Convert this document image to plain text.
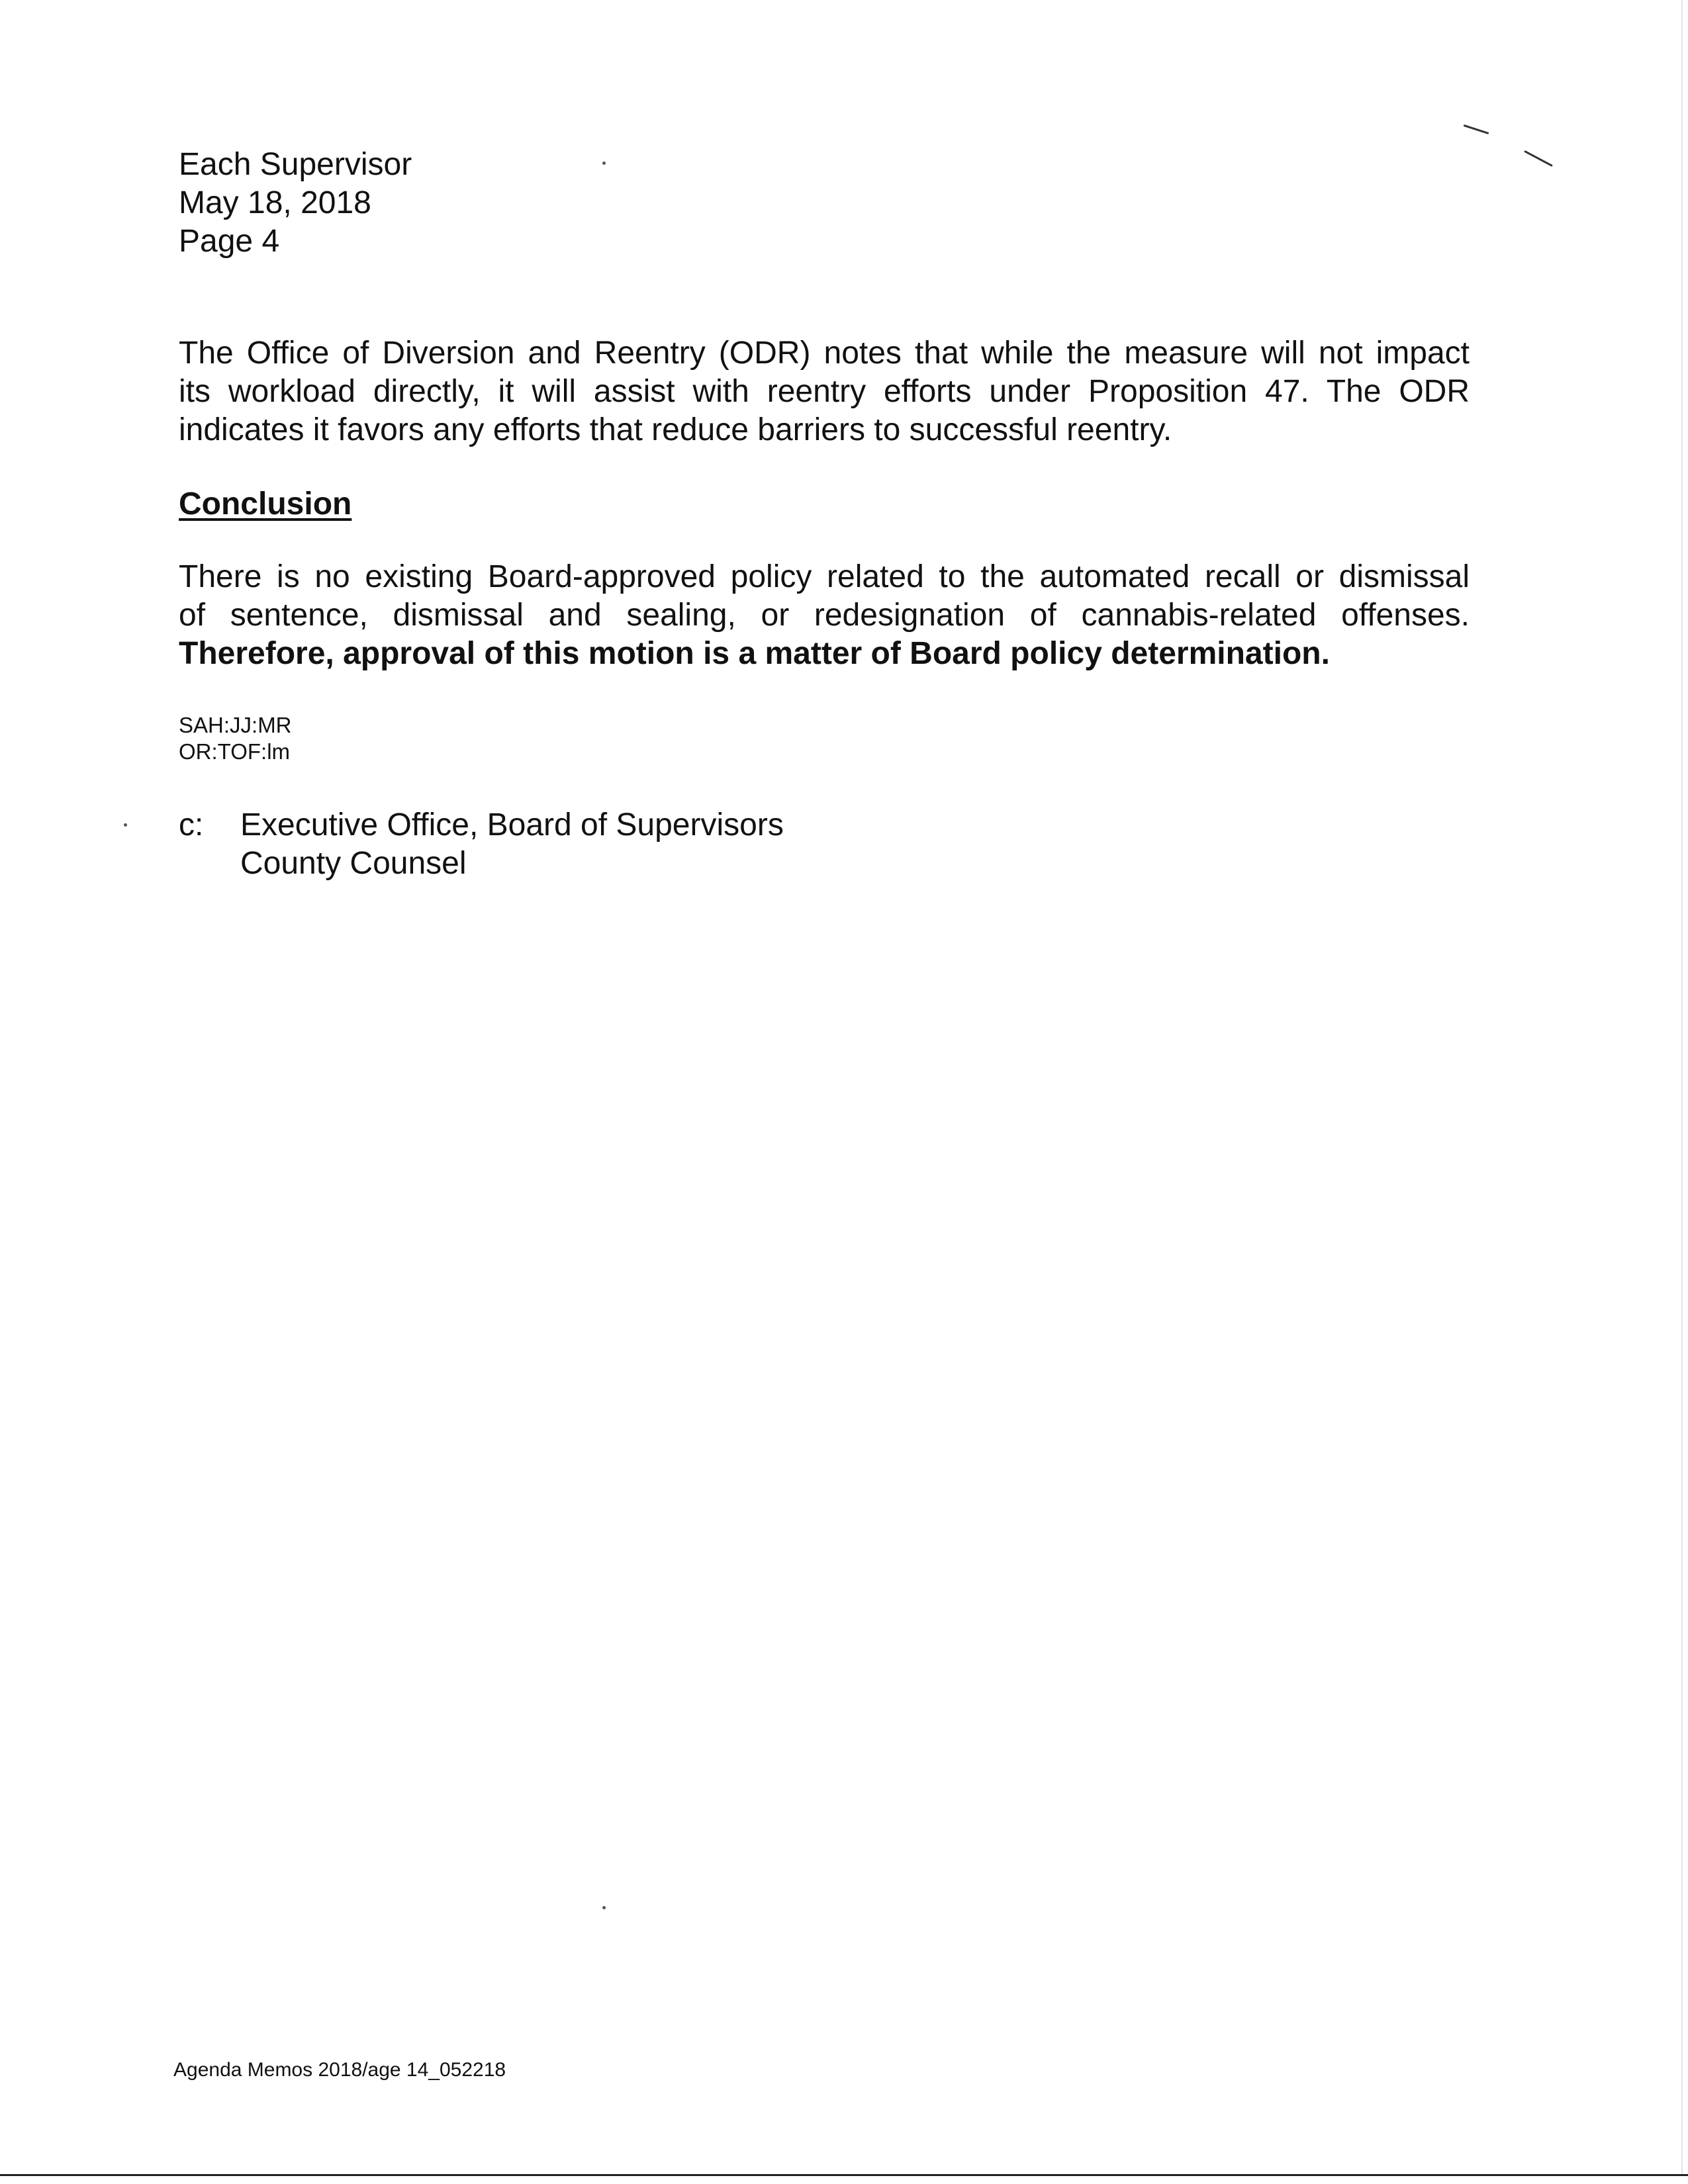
Each Supervisor
May 18, 2018
Page 4
The Office of Diversion and Reentry (ODR) notes that while the measure will not impact
its workload directly, it will assist with reentry efforts under Proposition 47. The ODR
indicates it favors any efforts that reduce barriers to successful reentry.
Conclusion
There is no existing Board-approved policy related to the automated recall or dismissal
of sentence, dismissal and sealing, or redesignation of cannabis-related offenses.
Therefore, approval of this motion is a matter of Board policy determination.
SAH:JJ:MR
OR:TOF:lm
c:	Executive Office, Board of Supervisors
County Counsel
Agenda Memos 2018/age 14_052218
